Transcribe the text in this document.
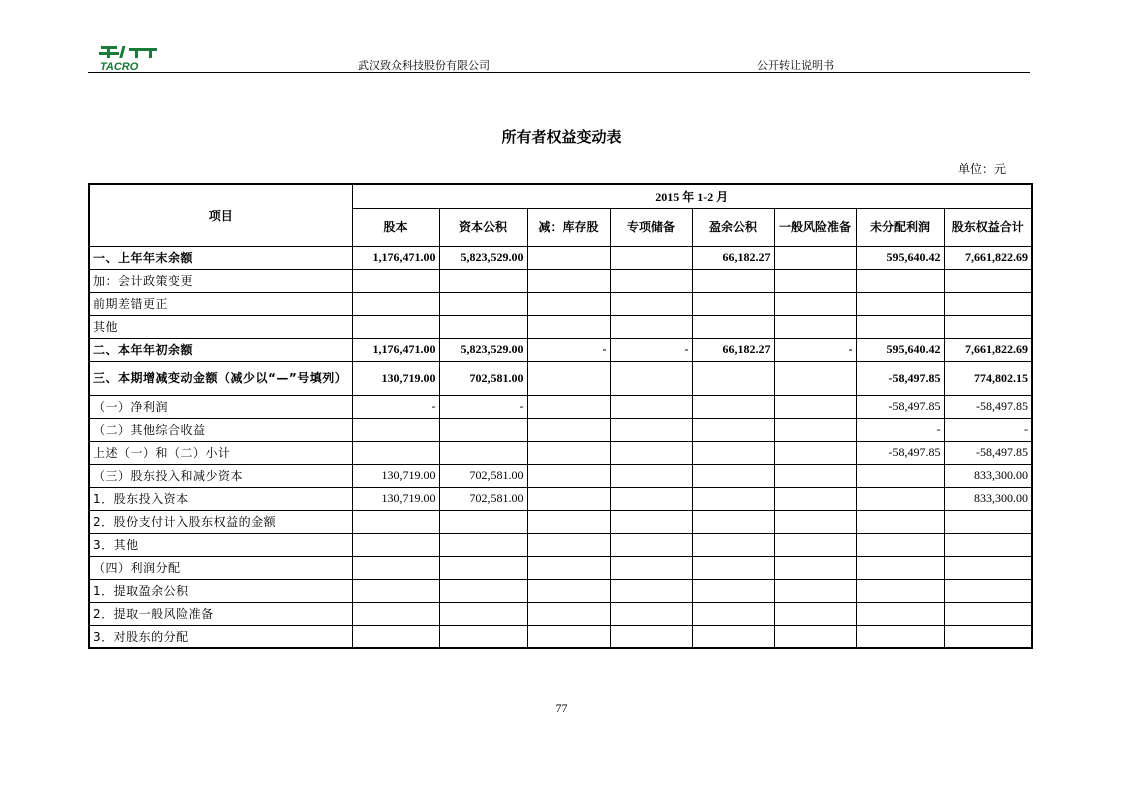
TACRO	武汉致众科技股份有限公司	公开转让说明书
所有者权益变动表
单位：元
项目	2015 年 1-2 月							
	股本	资本公积	减：库存股	专项储备	盈余公积	一般风险准备	未分配利润	股东权益合计
一、上年年末余额	1,176,471.00	5,823,529.00			66,182.27		595,640.42	7,661,822.69
加：会计政策变更								
前期差错更正								
其他								
二、本年年初余额	1,176,471.00	5,823,529.00	-	-	66,182.27	-	595,640.42	7,661,822.69
三、本期增减变动金额（减少以“—”号填列）	130,719.00	702,581.00					-58,497.85	774,802.15
（一）净利润	-	-					-58,497.85	-58,497.85
（二）其他综合收益							-	-
上述（一）和（二）小计							-58,497.85	-58,497.85
（三）股东投入和减少资本	130,719.00	702,581.00						833,300.00
1．股东投入资本	130,719.00	702,581.00						833,300.00
2．股份支付计入股东权益的金额								
3．其他								
（四）利润分配								
1．提取盈余公积								
2．提取一般风险准备								
3．对股东的分配								
77
